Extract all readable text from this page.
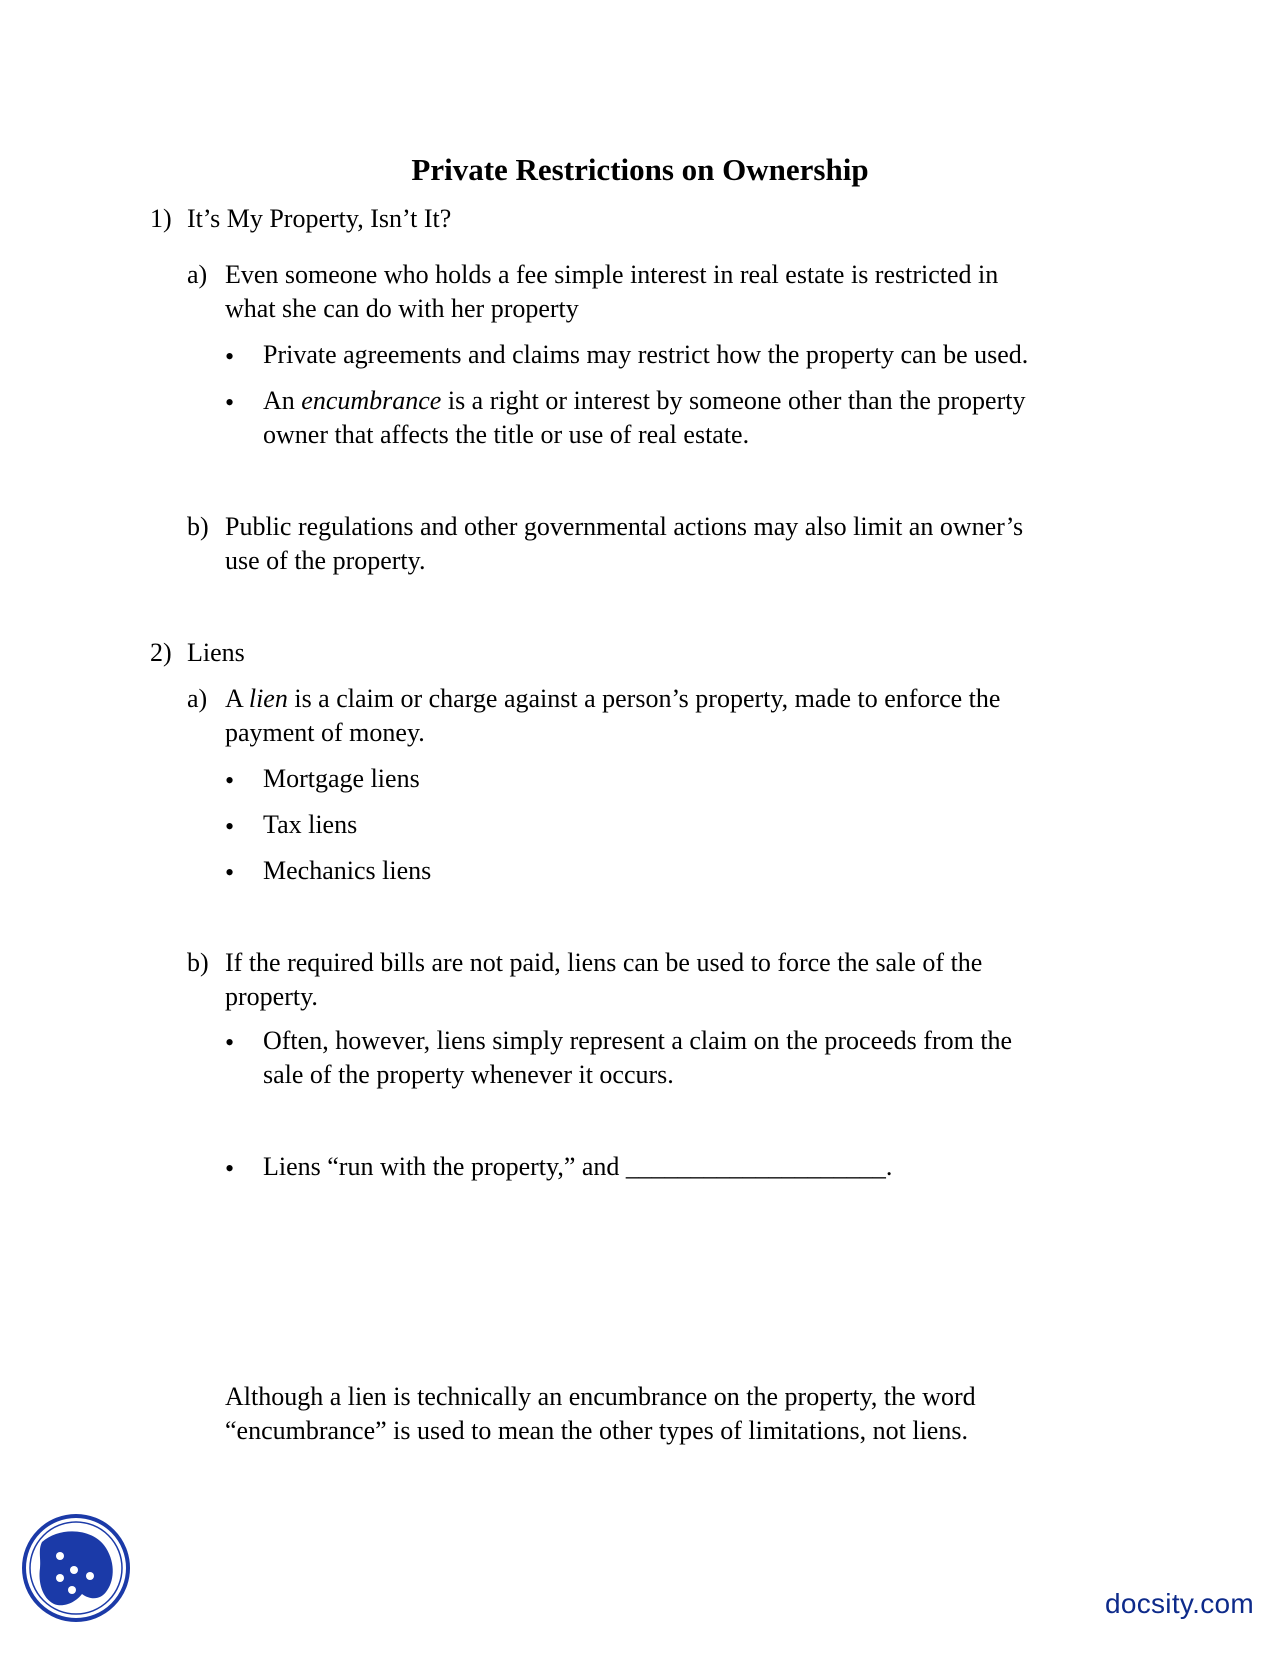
Private Restrictions on Ownership
1) It’s My Property, Isn’t It?
a) Even someone who holds a fee simple interest in real estate is restricted in
what she can do with her property
• Private agreements and claims may restrict how the property can be used.
• An encumbrance is a right or interest by someone other than the property
owner that affects the title or use of real estate.
b) Public regulations and other governmental actions may also limit an owner’s
use of the property.
2) Liens
a) A lien is a claim or charge against a person’s property, made to enforce the
payment of money.
• Mortgage liens
• Tax liens
• Mechanics liens
b) If the required bills are not paid, liens can be used to force the sale of the
property.
• Often, however, liens simply represent a claim on the proceeds from the
sale of the property whenever it occurs.
• Liens “run with the property,” and ____________________.
Although a lien is technically an encumbrance on the property, the word
“encumbrance” is used to mean the other types of limitations, not liens.
docsity.com
